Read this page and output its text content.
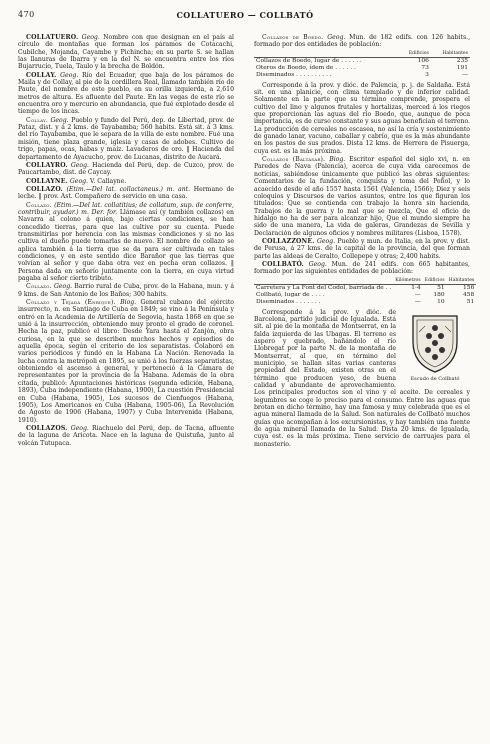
470	COLLATUERO — COLLBATÓ

COLLATUERO. Geog. Nombre con que designan en el país al círculo de montañas que forman los páramos de Cotacachi, Cubilche, Mojanda, Cayambe y Pichincha; en su parte S. se hallan las llanuras de Ibarra y en la del N. se encuentra entre los ríos Bujarrucío, Tuela, Taulo y la brecha de Boldón.

COLLAY. Geog. Río del Ecuador, que baja de los páramos de Maila y de Collay, al pie de la cordillera Real, llamado también río de Paute, del nombre de este pueblo, en su orilla izquierda, a 2,610 metros de altura. Es afluente del Paute. En las vegas de este río se encuentra oro y mercurio en abundancia, que fué explotado desde el tiempo de los incas.

Collay. Geog. Pueblo y fundo del Perú, dep. de Libertad, prov. de Pataz, dist. y á 2 kms. de Tayabamba; 560 habits. Está sit. á 3 kms. del río Tayabamba, que le separa de la villa de este nombre. Fué una misión, tiene plaza grande, iglesia y casas de adobes. Cultivo de trigo, papas, ocas, habas y maíz. Lavaderos de oro. ‖ Hacienda del departamento de Ayacucho, prov. de Lucanas, distrito de Aucará.

COLLAYRO. Geog. Hacienda del Perú, dep. de Cuzco, prov. de Paucartambo, dist. de Caycay.

COLLAYNE. Geog. V. Callayne.

COLLAZO. (Etim.—Del lat. collactaneus.) m. ant. Hermano de leche. ‖ prov. Ast. Compañero de servicio en una casa.

Collazo. (Etim.—Del lat. collatitius; de collatum, sup. de conferre, contribuir, ayudar.) m. Der. for. Llámase así (y también collazos) en Navarra al colono á quien, bajo ciertas condiciones, se han concedido tierras, para que las cultive por su cuenta. Puede transmitirlas por herencia con las mismas condiciones y si no las cultiva el dueño puede tomarlas de nuevo. El nombre de collazo se aplica también á la tierra que se da para ser cultivada en tales condiciones, y en este sentido dice Barañor que las tierras que volvían al señor y que daba otra vez en pecha eran collazos. ‖ Persona dada en señorío juntamente con la tierra, en cuya virtud pagaba al señor cierto tributo.

Collazo. Geog. Barrio rural de Cuba, prov. de la Habana, mun. y á 9 kms. de San Antonio de los Baños; 300 habits.

Collazo y Tejada (Enrique). Biog. General cubano del ejército insurrecto, n. en Santiago de Cuba en 1849; se vino á la Península y entró en la Academia de Artillería de Segovia, hasta 1868 en que se unió á la insurrección, obteniendo muy pronto el grado de coronel. Hecha la paz, publicó el libro: Desde Yara hasta el Zanjón, obra curiosa, en la que se describen muchos hechos y episodios de aquella época, según el criterio de los separatistas. Colaboró en varios periódicos y fundó en la Habana La Nación. Renovada la lucha contra la metrópoli en 1895, se unió á los fuerzas separatistas, obteniendo el ascenso á general, y perteneció á la Cámara de representantes por la provincia de la Habana. Además de la obra citada, publicó: Apuntaciones históricas (segunda edición, Habana, 1893), Cuba independiente (Habana, 1900), La cuestión Presidencial en Cuba (Habana, 1905), Los sucesos de Cienfuegos (Habana, 1905), Los Americanos en Cuba (Habana, 1905-06), La Revolución de Agosto de 1906 (Habana, 1907) y Cuba Intervenida (Habana, 1910).

COLLAZOS. Geog. Riachuelo del Perú, dep. de Tacna, afluente de la laguna de Aricota. Nace en la laguna de Quistuña, junto al volcán Tutupaca.

Collazos de Boedo. Geog. Mun. de 182 edifs. con 126 habits., formado por dos entidades de población:

	Edificios	Habitantes
Collazos de Boedo, lugar de . . . . . .	106	235
Oteros de Boedo, ídem de . . . . . .	73	191
Diseminados . . . . . . . . . .	3	—

Corresponde á la prov. y dióc. de Palencia, p. j. de Saldaña. Está sit. en una planicie, con clima templado y de inferior calidad. Solamente en la parte que su término comprende, prospera el cultivo del lino y algunos frutales y hortalizas, merced á los riegos que proporcionan las aguas del río Boedo, que, aunque de poca importancia, es de curso constante y sus aguas benefician el terreno. La producción de cereales no escasea, no así la cría y sostenimiento de ganado lanar, vacuno, caballar y cabrío, que es la más abundante en los pastos de sus prados. Dista 12 kms. de Herrera de Pisuerga, cuya est. es la más próxima.

Collazos (Baltasar). Biog. Escritor español del siglo xvi, n. en Paredes de Nava (Palencia), acerca de cuya vida carecemos de noticias, sabiéndose únicamente que publicó las obras siguientes: Comentarios de la fundación, conquista y toma del Peñol, y lo acaecido desde el año 1557 hasta 1561 (Valencia, 1566); Diez y seis coloquios y Discursos de varios asuntos, entre los que figuran los titulados: Que se contienda con trabajo la honra sin hacienda, Trabajos de la guerra y lo mal que se mezcla, Que el oficio de hidalgo no ha de ser para alcanzar hijo, Que el mundo siempre ha sido de una manera, La vida de galeras, Grandezas de Sevilla y Declaración de algunos oficios y nombres militares (Lisboa, 1578).

COLLAZZONE. Geog. Pueblo y mun. de Italia, en la prov. y dist. de Perusa, á 27 kms. de la capital de la provincia, del que forman parte las aldeas de Ceralto, Collepepe y otras; 2,400 habits.

COLLBATÓ. Geog. Mun. de 241 edifs. con 665 habitantes, formado por las siguientes entidades de población:

	Kilómetros	Edificios	Habitantes
Carretera y La Font del Codol, barriada de . .	1·4	51	156
Collbató, lugar de . . . .	—	180	458
Diseminados . . . . . . .	—	10	51
Escudo de Collbató

Corresponde á la prov. y dióc. de Barcelona, partido judicial de Igualada. Está sit. al pie de la montaña de Montserrat, en la falda izquierda de las Ubagas. El terreno es áspero y quebrado, bañándolo el río Llobregat por la parte N. de la montaña de Montserrat, al que, en término del municipio, se hallan sitas varias canteras propiedad del Estado, existen otras en el término que producen yeso, de buena calidad y abundante de aprovechamiento. Los principales productos son el vino y el aceite. De cereales y legumbres se coge lo preciso para el consumo. Entre las aguas que brotan en dicho término, hay una famosa y muy celebrada que es el agua mineral llamada de la Salud. Son naturales de Collbató muchos guías que acompañan á los excursionistas, y hay también una fuente de agua mineral llamada de la Salud. Dista 20 kms. de Igualada, cuya est. es la más próxima. Tiene servicio de carruajes para el monasterio.
